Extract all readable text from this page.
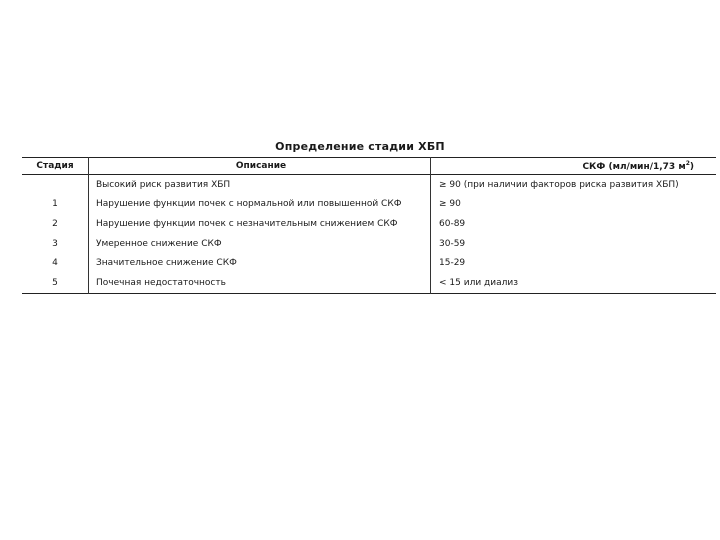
Определение стадии ХБП
Стадия	Описание	СКФ (мл/мин/1,73 $м^2$)
	Высокий риск развития ХБП	≥ 90 (при наличии факторов риска развития ХБП)
1	Нарушение функции почек с нормальной или повышенной СКФ	≥ 90
2	Нарушение функции почек с незначительным снижением СКФ	60-89
3	Умеренное снижение СКФ	30-59
4	Значительное снижение СКФ	15-29
5	Почечная недостаточность	< 15 или диализ
